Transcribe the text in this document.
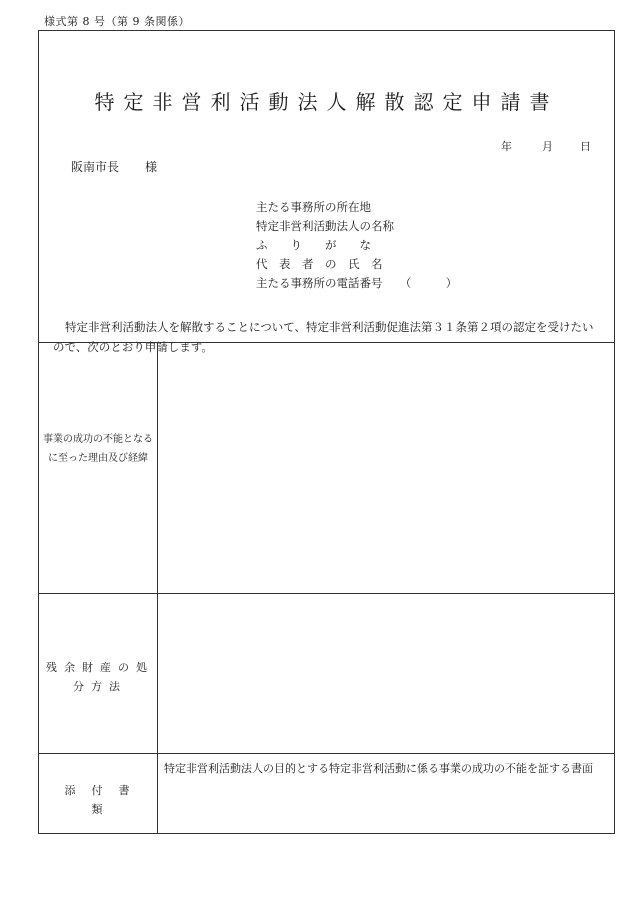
様式第 8 号（第 9 条関係）
特定非営利活動法人解散認定申請書
年	月 日
阪南市長 様
主たる事務所の所在地
特定非営利活動法人の名称
ふ　　り　　が　　な
代　表　者　の　氏　名
主たる事務所の電話番号　　（　　　）
特定非営利活動法人を解散することについて、特定非営利活動促進法第３１条第２項の認定を受けたいので、次のとおり申請します。
事業の成功の不能となるに至った理由及び経緯
残余財産の処分方法
添付書類
特定非営利活動法人の目的とする特定非営利活動に係る事業の成功の不能を証する書面
